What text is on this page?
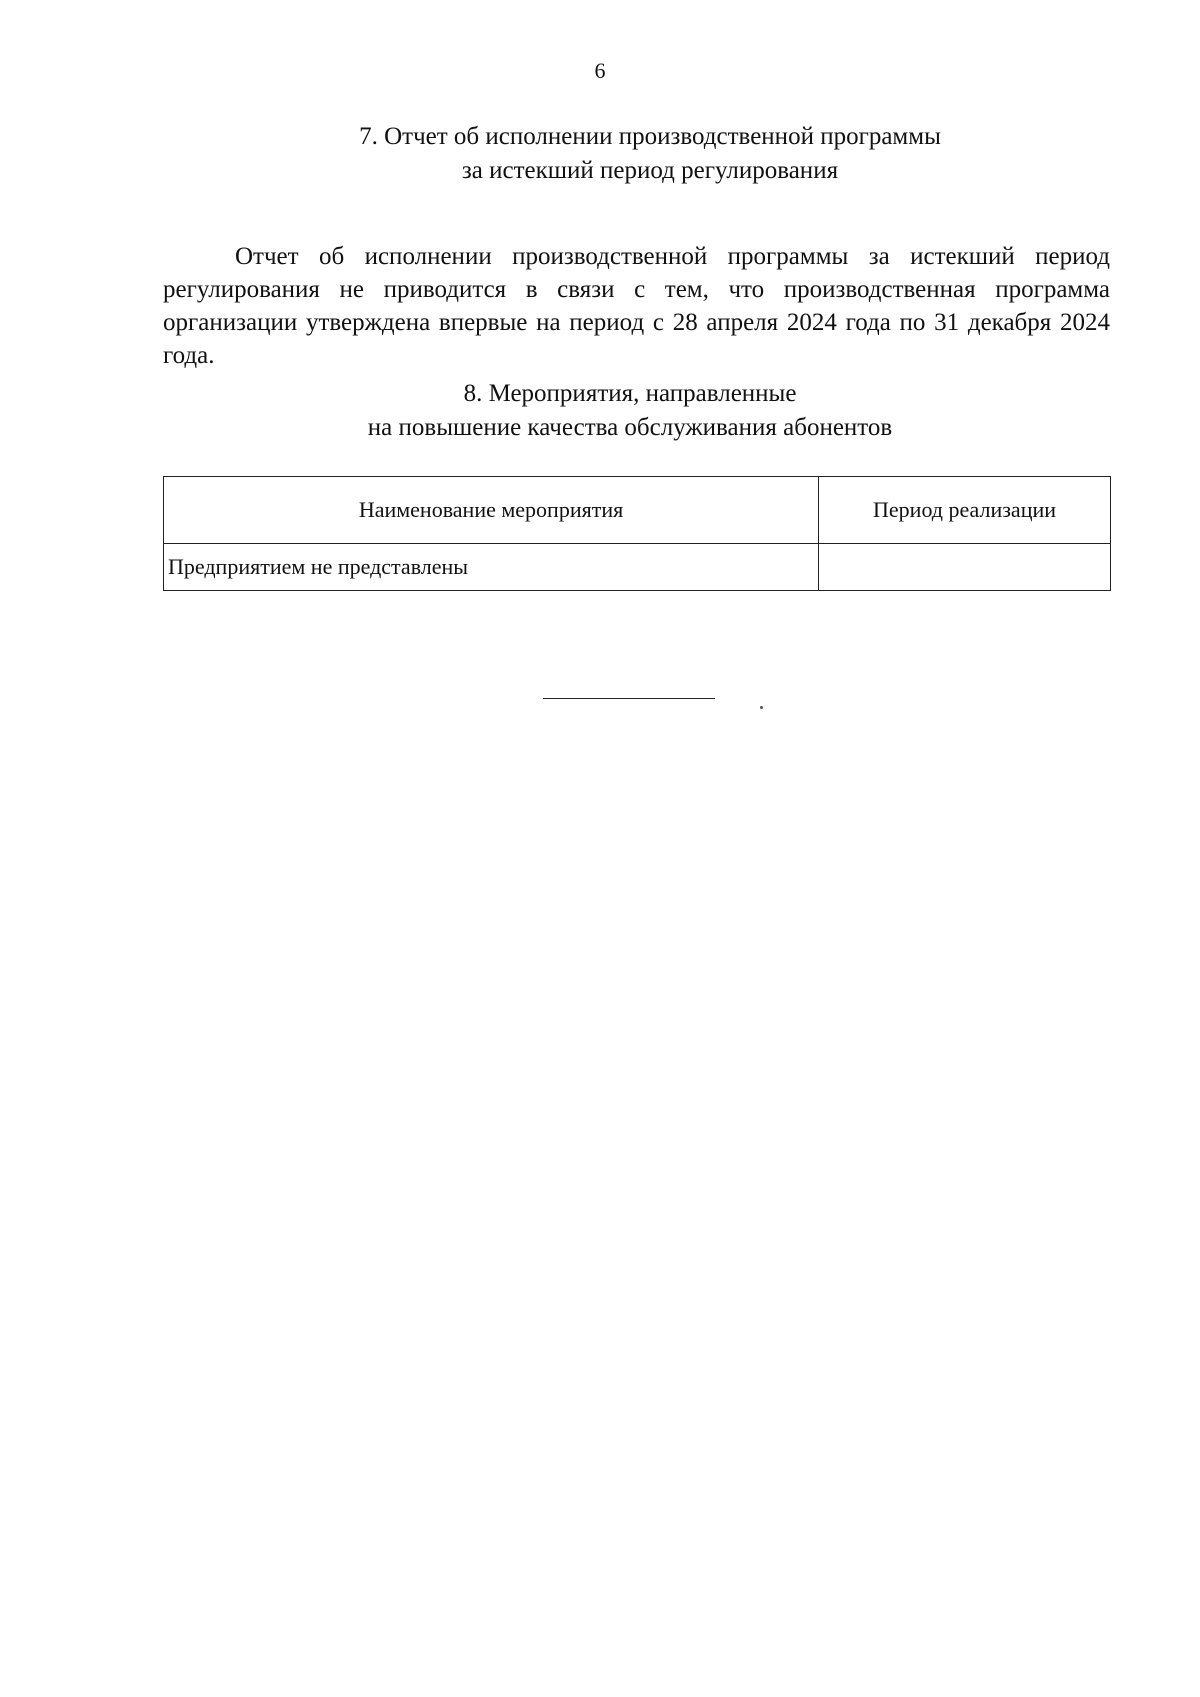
6
7. Отчет об исполнении производственной программы
за истекший период регулирования

Отчет об исполнении производственной программы за истекший период регулирования не приводится в связи с тем, что производственная программа организации утверждена впервые на период с 28 апреля 2024 года по 31 декабря 2024 года.

8. Мероприятия, направленные
на повышение качества обслуживания абонентов
Наименование мероприятия	Период реализации
Предприятием не представлены	
